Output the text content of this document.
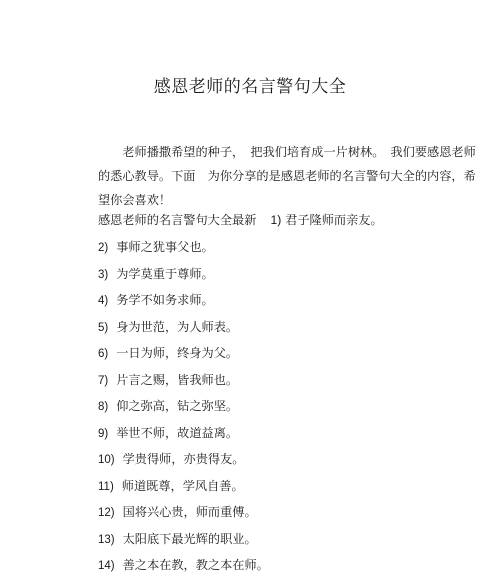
感恩老师的名言警句大全
　　老师播撒希望的种子，　把我们培育成一片树林。　我们要感恩老师
的悉心教导。下面　为你分享的是感恩老师的名言警句大全的内容，希
望你会喜欢！
感恩老师的名言警句大全最新 1) 君子隆师而亲友。
2) 事师之犹事父也。
3) 为学莫重于尊师。
4) 务学不如务求师。
5) 身为世范，为人师表。
6) 一日为师，终身为父。
7) 片言之赐，皆我师也。
8) 仰之弥高，钻之弥坚。
9) 举世不师，故道益离。
10) 学贵得师，亦贵得友。
11) 师道既尊，学风自善。
12) 国将兴心贵，师而重傅。
13) 太阳底下最光辉的职业。
14) 善之本在教，教之本在师。
